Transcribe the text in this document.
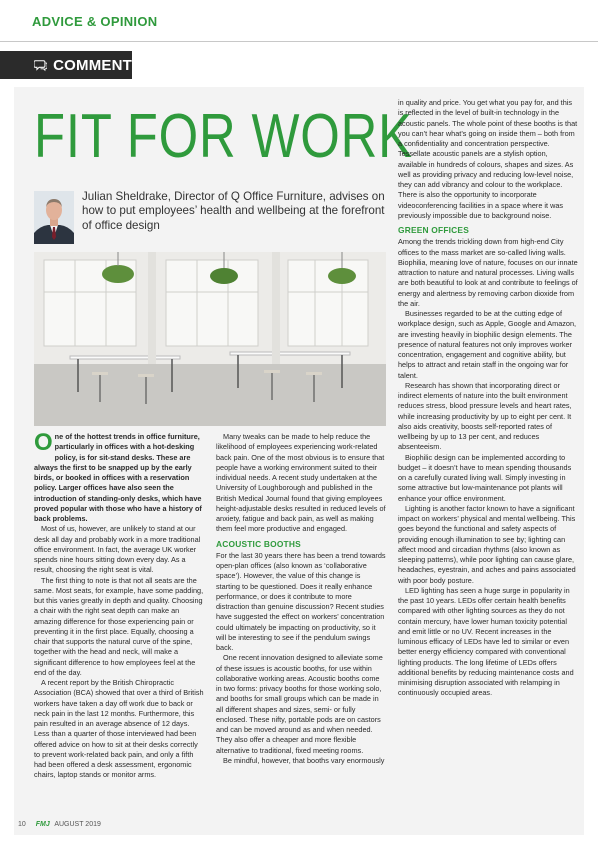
ADVICE & OPINION
COMMENT
FIT FOR WORK
Julian Sheldrake, Director of Q Office Furniture, advises on how to put employees’ health and wellbeing at the forefront of office design

One of the hottest trends in office furniture, particularly in offices with a hot-desking policy, is for sit-stand desks. These are always the first to be snapped up by the early birds, or booked in offices with a reservation policy. Larger offices have also seen the introduction of standing-only desks, which have proved popular with those who have a history of back problems.

Most of us, however, are unlikely to stand at our desk all day and probably work in a more traditional office environment. In fact, the average UK worker spends nine hours sitting down every day. As a result, choosing the right seat is vital.

The first thing to note is that not all seats are the same. Most seats, for example, have some padding, but this varies greatly in depth and quality. Choosing a chair with the right seat depth can make an amazing difference for those experiencing pain or preventing it in the first place. Equally, choosing a chair that supports the natural curve of the spine, together with the head and neck, will make a significant difference to how employees feel at the end of the day.

A recent report by the British Chiropractic Association (BCA) showed that over a third of British workers have taken a day off work due to back or neck pain in the last 12 months. Furthermore, this pain resulted in an average absence of 12 days. Less than a quarter of those interviewed had been offered advice on how to sit at their desks correctly to prevent work-related back pain, and only a fifth had been offered a desk assessment, ergonomic chairs, laptop stands or monitor arms.

Many tweaks can be made to help reduce the likelihood of employees experiencing work-related back pain. One of the most obvious is to ensure that people have a working environment suited to their individual needs. A recent study undertaken at the University of Loughborough and published in the British Medical Journal found that giving employees height-adjustable desks resulted in reduced levels of anxiety, fatigue and back pain, as well as making them feel more productive and engaged.

ACOUSTIC BOOTHS

For the last 30 years there has been a trend towards open-plan offices (also known as ‘collaborative space’). However, the value of this change is starting to be questioned. Does it really enhance performance, or does it contribute to more distraction than genuine discussion? Recent studies have suggested the effect on workers’ concentration could ultimately be impacting on productivity, so it will be interesting to see if the pendulum swings back.

One recent innovation designed to alleviate some of these issues is acoustic booths, for use within collaborative working areas. Acoustic booths come in two forms: privacy booths for those working solo, and booths for small groups which can be made in all different shapes and sizes, semi- or fully enclosed. These nifty, portable pods are on castors and can be moved around as and when needed. They also offer a cheaper and more flexible alternative to traditional, fixed meeting rooms.

Be mindful, however, that booths vary enormously

in quality and price. You get what you pay for, and this is reflected in the level of built-in technology in the acoustic panels. The whole point of these booths is that you can’t hear what’s going on inside them – both from a confidentiality and concentration perspective. Tessellate acoustic panels are a stylish option, available in hundreds of colours, shapes and sizes. As well as providing privacy and reducing low-level noise, they can add vibrancy and colour to the workplace. There is also the opportunity to incorporate videoconferencing facilities in a space where it was previously impossible due to background noise.

GREEN OFFICES

Among the trends trickling down from high-end City offices to the mass market are so-called living walls. Biophilia, meaning love of nature, focuses on our innate attraction to nature and natural processes. Living walls are both beautiful to look at and contribute to feelings of energy and alertness by removing carbon dioxide from the air.

Businesses regarded to be at the cutting edge of workplace design, such as Apple, Google and Amazon, are investing heavily in biophilic design elements. The presence of natural features not only improves worker concentration, engagement and cognitive ability, but helps to attract and retain staff in the ongoing war for talent.

Research has shown that incorporating direct or indirect elements of nature into the built environment reduces stress, blood pressure levels and heart rates, while increasing productivity by up to eight per cent. It also aids creativity, boosts self-reported rates of wellbeing by up to 13 per cent, and reduces absenteeism.

Biophilic design can be implemented according to budget – it doesn’t have to mean spending thousands on a carefully curated living wall. Simply investing in some attractive but low-maintenance pot plants will enhance your office environment.

Lighting is another factor known to have a significant impact on workers’ physical and mental wellbeing. This goes beyond the functional and safety aspects of providing enough illumination to see by; lighting can affect mood and circadian rhythms (also known as sleeping patterns), while poor lighting can cause glare, headaches, eyestrain, and aches and pains associated with poor body posture.

LED lighting has seen a huge surge in popularity in the past 10 years. LEDs offer certain health benefits compared with other lighting sources as they do not contain mercury, have lower human toxicity potential and emit little or no UV. Recent increases in the luminous efficacy of LEDs have led to similar or even better energy efficiency compared with conventional lighting products. The long lifetime of LEDs offers additional benefits by reducing maintenance costs and minimising disruption associated with relamping in continuously occupied areas.

10 FMJ AUGUST 2019
